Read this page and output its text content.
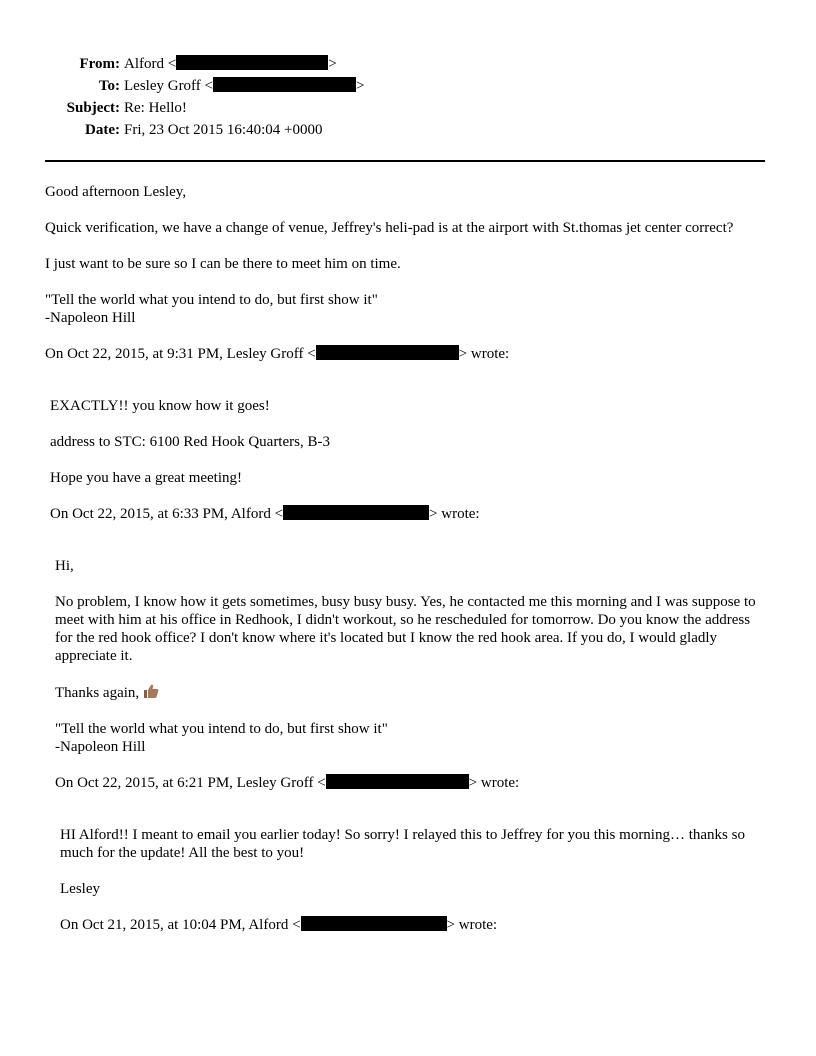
From: Alford <	>
To: Lesley Groff <	>
Subject: Re: Hello!
Date: Fri, 23 Oct 2015 16:40:04 +0000

Good afternoon Lesley,

Quick verification, we have a change of venue, Jeffrey's heli-pad is at the airport with St.thomas jet center correct?

I just want to be sure so I can be there to meet him on time.

"Tell the world what you intend to do, but first show it"
-Napoleon Hill

On Oct 22, 2015, at 9:31 PM, Lesley Groff <	> wrote:

EXACTLY!! you know how it goes!

address to STC: 6100 Red Hook Quarters, B-3

Hope you have a great meeting!

On Oct 22, 2015, at 6:33 PM, Alford <	> wrote:

Hi,

No problem, I know how it gets sometimes, busy busy busy. Yes, he contacted me this morning and I was suppose to meet with him at his office in Redhook, I didn't workout, so he rescheduled for tomorrow. Do you know the address for the red hook office? I don't know where it's located but I know the red hook area. If you do, I would gladly appreciate it.

Thanks again,

"Tell the world what you intend to do, but first show it"
-Napoleon Hill

On Oct 22, 2015, at 6:21 PM, Lesley Groff <	> wrote:

HI Alford!! I meant to email you earlier today! So sorry! I relayed this to Jeffrey for you this morning… thanks so much for the update! All the best to you!

Lesley

On Oct 21, 2015, at 10:04 PM, Alford <	> wrote:
